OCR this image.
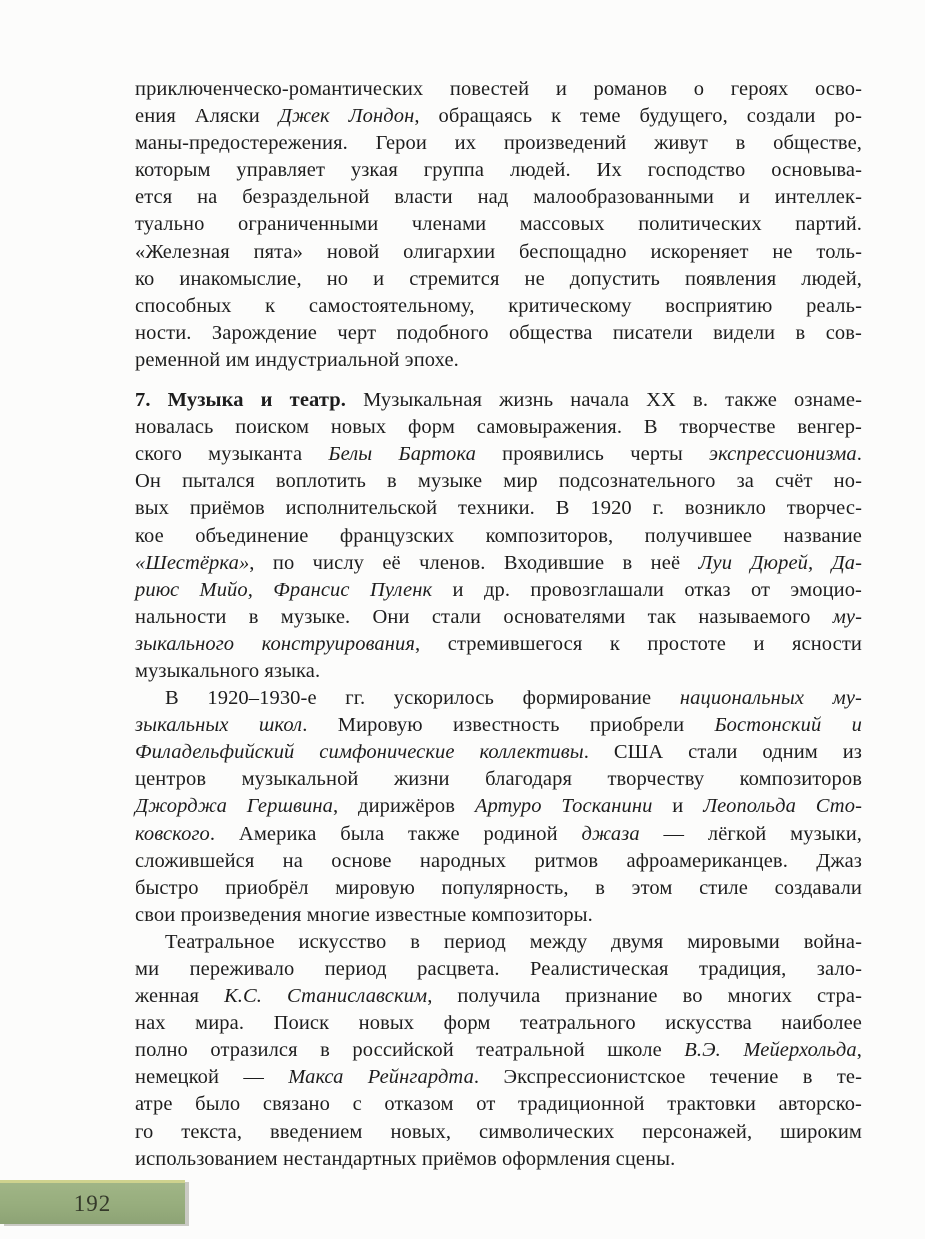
приключенческо-романтических повестей и романов о героях осво-
ения Аляски Джек Лондон, обращаясь к теме будущего, создали ро-
маны-предостережения. Герои их произведений живут в обществе,
которым управляет узкая группа людей. Их господство основыва-
ется на безраздельной власти над малообразованными и интеллек-
туально ограниченными членами массовых политических партий.
«Железная пята» новой олигархии беспощадно искореняет не толь-
ко инакомыслие, но и стремится не допустить появления людей,
способных к самостоятельному, критическому восприятию реаль-
ности. Зарождение черт подобного общества писатели видели в сов-
ременной им индустриальной эпохе.
7. Музыка и театр. Музыкальная жизнь начала XX в. также ознаме-
новалась поиском новых форм самовыражения. В творчестве венгер-
ского музыканта Белы Бартока проявились черты экспрессионизма.
Он пытался воплотить в музыке мир подсознательного за счёт но-
вых приёмов исполнительской техники. В 1920 г. возникло творчес-
кое объединение французских композиторов, получившее название
«Шестёрка», по числу её членов. Входившие в неё Луи Дюрей, Да-
риюс Мийо, Франсис Пуленк и др. провозглашали отказ от эмоцио-
нальности в музыке. Они стали основателями так называемого му-
зыкального конструирования, стремившегося к простоте и ясности
музыкального языка.
В 1920–1930-е гг. ускорилось формирование национальных му-
зыкальных школ. Мировую известность приобрели Бостонский и
Филадельфийский симфонические коллективы. США стали одним из
центров музыкальной жизни благодаря творчеству композиторов
Джорджа Гершвина, дирижёров Артуро Тосканини и Леопольда Сто-
ковского. Америка была также родиной джаза — лёгкой музыки,
сложившейся на основе народных ритмов афроамериканцев. Джаз
быстро приобрёл мировую популярность, в этом стиле создавали
свои произведения многие известные композиторы.
Театральное искусство в период между двумя мировыми война-
ми переживало период расцвета. Реалистическая традиция, зало-
женная К.С. Станиславским, получила признание во многих стра-
нах мира. Поиск новых форм театрального искусства наиболее
полно отразился в российской театральной школе В.Э. Мейерхольда,
немецкой — Макса Рейнгардта. Экспрессионистское течение в те-
атре было связано с отказом от традиционной трактовки авторско-
го текста, введением новых, символических персонажей, широким
использованием нестандартных приёмов оформления сцены.
192
